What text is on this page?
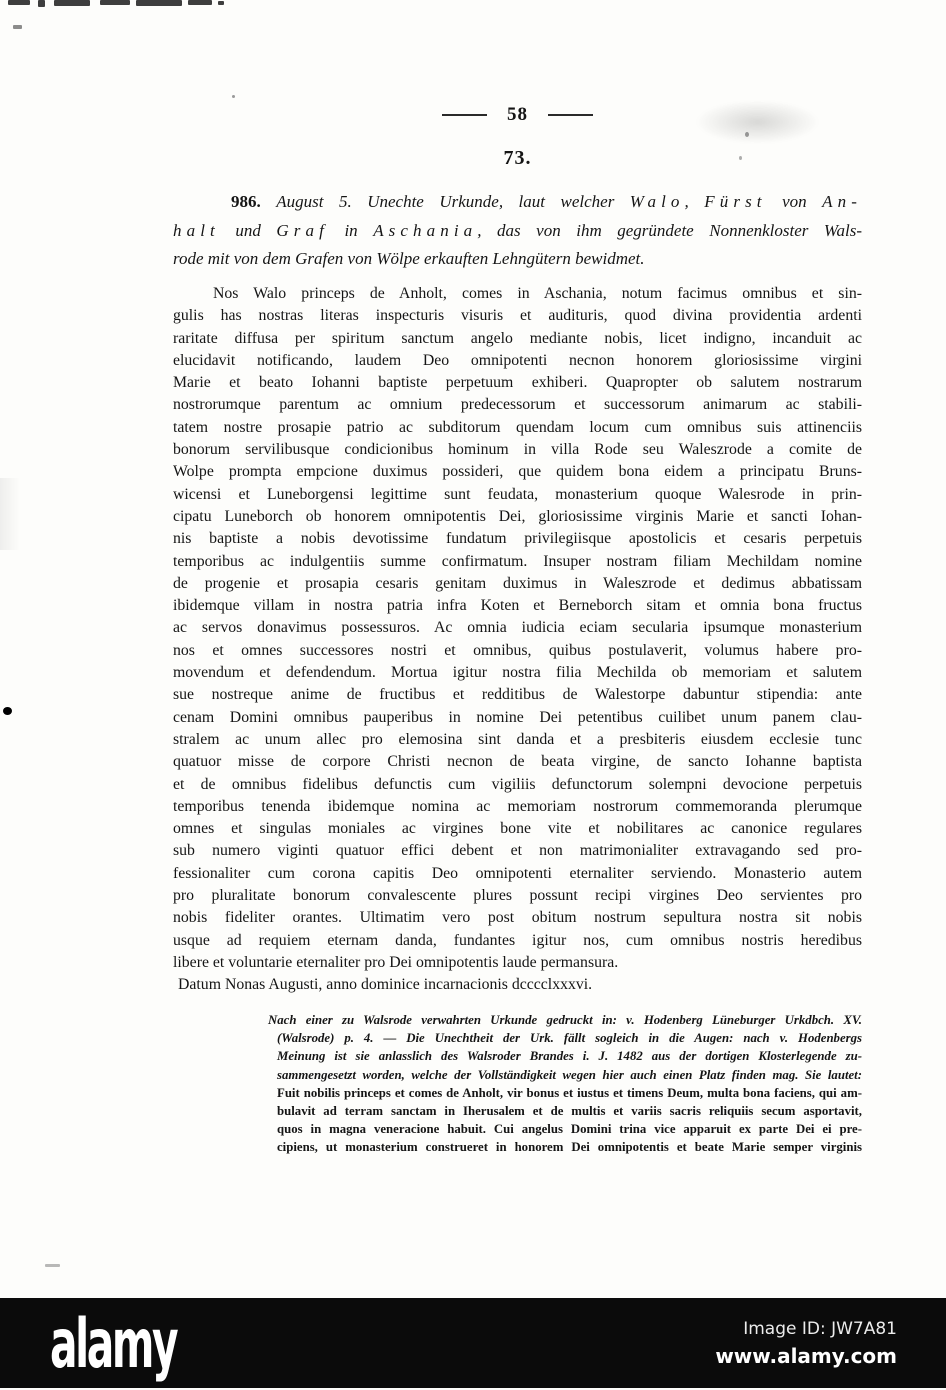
58
73.
986. August 5. Unechte Urkunde, laut welcher Walo, Fürst von An-
halt und Graf in Aschania, das von ihm gegründete Nonnenkloster Wals-
rode mit von dem Grafen von Wölpe erkauften Lehngütern bewidmet.
Nos Walo princeps de Anholt, comes in Aschania, notum facimus omnibus et sin-
gulis has nostras literas inspecturis visuris et audituris, quod divina providentia ardenti
raritate diffusa per spiritum sanctum angelo mediante nobis, licet indigno, incanduit ac
elucidavit notificando, laudem Deo omnipotenti necnon honorem gloriosissime virgini
Marie et beato Iohanni baptiste perpetuum exhiberi. Quapropter ob salutem nostrarum
nostrorumque parentum ac omnium predecessorum et successorum animarum ac stabili-
tatem nostre prosapie patrio ac subditorum quendam locum cum omnibus suis attinenciis
bonorum servilibusque condicionibus hominum in villa Rode seu Waleszrode a comite de
Wolpe prompta empcione duximus possideri, que quidem bona eidem a principatu Bruns-
wicensi et Luneborgensi legittime sunt feudata, monasterium quoque Walesrode in prin-
cipatu Luneborch ob honorem omnipotentis Dei, gloriosissime virginis Marie et sancti Iohan-
nis baptiste a nobis devotissime fundatum privilegiisque apostolicis et cesaris perpetuis
temporibus ac indulgentiis summe confirmatum. Insuper nostram filiam Mechildam nomine
de progenie et prosapia cesaris genitam duximus in Waleszrode et dedimus abbatissam
ibidemque villam in nostra patria infra Koten et Berneborch sitam et omnia bona fructus
ac servos donavimus possessuros. Ac omnia iudicia eciam secularia ipsumque monasterium
nos et omnes successores nostri et omnibus, quibus postulaverit, volumus habere pro-
movendum et defendendum. Mortua igitur nostra filia Mechilda ob memoriam et salutem
sue nostreque anime de fructibus et redditibus de Walestorpe dabuntur stipendia: ante
cenam Domini omnibus pauperibus in nomine Dei petentibus cuilibet unum panem clau-
stralem ac unum allec pro elemosina sint danda et a presbiteris eiusdem ecclesie tunc
quatuor misse de corpore Christi necnon de beata virgine, de sancto Iohanne baptista
et de omnibus fidelibus defunctis cum vigiliis defunctorum solempni devocione perpetuis
temporibus tenenda ibidemque nomina ac memoriam nostrorum commemoranda plerumque
omnes et singulas moniales ac virgines bone vite et nobilitares ac canonice regulares
sub numero viginti quatuor effici debent et non matrimonialiter extravagando sed pro-
fessionaliter cum corona capitis Deo omnipotenti eternaliter serviendo. Monasterio autem
pro pluralitate bonorum convalescente plures possunt recipi virgines Deo servientes pro
nobis fideliter orantes. Ultimatim vero post obitum nostrum sepultura nostra sit nobis
usque ad requiem eternam danda, fundantes igitur nos, cum omnibus nostris heredibus
libere et voluntarie eternaliter pro Dei omnipotentis laude permansura.
Datum Nonas Augusti, anno dominice incarnacionis dcccclxxxvi.
Nach einer zu Walsrode verwahrten Urkunde gedruckt in: v. Hodenberg Lüneburger Urkdbch. XV.
(Walsrode) p. 4. — Die Unechtheit der Urk. fällt sogleich in die Augen: nach v. Hodenbergs
Meinung ist sie anlasslich des Walsroder Brandes i. J. 1482 aus der dortigen Klosterlegende zu-
sammengesetzt worden, welche der Vollständigkeit wegen hier auch einen Platz finden mag. Sie lautet:
Fuit nobilis princeps et comes de Anholt, vir bonus et iustus et timens Deum, multa bona faciens, qui am-
bulavit ad terram sanctam in Iherusalem et de multis et variis sacris reliquiis secum asportavit,
quos in magna veneracione habuit. Cui angelus Domini trina vice apparuit ex parte Dei ei pre-
cipiens, ut monasterium construeret in honorem Dei omnipotentis et beate Marie semper virginis
alamy	Image ID: JW7A81
www.alamy.com
